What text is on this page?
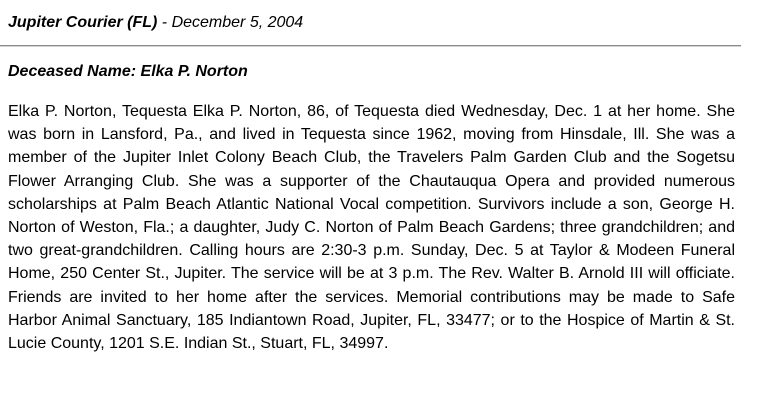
Jupiter Courier (FL) - December 5, 2004
Deceased Name: Elka P. Norton

Elka P. Norton, Tequesta Elka P. Norton, 86, of Tequesta died Wednesday, Dec. 1 at her home. She was born in Lansford, Pa., and lived in Tequesta since 1962, moving from Hinsdale, Ill. She was a member of the Jupiter Inlet Colony Beach Club, the Travelers Palm Garden Club and the Sogetsu Flower Arranging Club. She was a supporter of the Chautauqua Opera and provided numerous scholarships at Palm Beach Atlantic National Vocal competition. Survivors include a son, George H. Norton of Weston, Fla.; a daughter, Judy C. Norton of Palm Beach Gardens; three grandchildren; and two great-grandchildren. Calling hours are 2:30-3 p.m. Sunday, Dec. 5 at Taylor & Modeen Funeral Home, 250 Center St., Jupiter. The service will be at 3 p.m. The Rev. Walter B. Arnold III will officiate. Friends are invited to her home after the services. Memorial contributions may be made to Safe Harbor Animal Sanctuary, 185 Indiantown Road, Jupiter, FL, 33477; or to the Hospice of Martin & St. Lucie County, 1201 S.E. Indian St., Stuart, FL, 34997.
